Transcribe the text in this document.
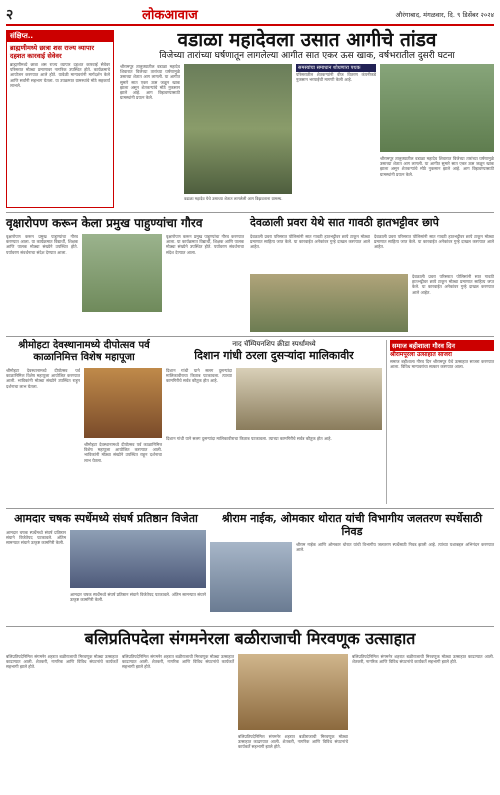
२	लोकआवाज	औरंगाबाद, मंगळवार, दि. ९ डिसेंबर २०२४
संक्षिप्त..
ब्राह्मणीमध्ये छात्रा शस राज्य व्यापार दहशत कारवाई सेवेवर
ब्राह्मणीमध्ये छात्रा शस राज्य व्यापार दहशत कारवाई सेवेवर परिसरात मोठ्या प्रमाणावर नागरिक उपस्थित होते. कार्यक्रमाचे आयोजन करण्यात आले होते. यावेळी मान्यवरांनी मार्गदर्शन केले आणि सर्वांनी सहभाग घेतला. या उपक्रमात ग्रामस्थांचे मोठे सहकार्य लाभले.
वडाळा महादेवला उसात आगीचे तांडव
विजेच्या तारांच्या घर्षणातून लागलेल्या आगीत सात एकर ऊस खाक, वर्षभरातील दुसरी घटना
श्रीरामपूर तालुक्यातील वडाळा महादेव शिवारात विजेच्या तारांच्या घर्षणामुळे उसाच्या शेतात आग लागली. या आगीत सुमारे सात एकर ऊस जळून खाक झाला असून शेतकऱ्यांचे मोठे नुकसान झाले आहे. आग विझवण्यासाठी ग्रामस्थांनी प्रयत्न केले.
वडाळा महादेव येथे उसाच्या शेतात लागलेली आग विझवताना ग्रामस्थ.
समस्यांचा समाधान शोधणारा पथक
परिसरातील शेतकऱ्यांनी वीज वितरण कंपनीकडे नुकसान भरपाईची मागणी केली आहे.
श्रीरामपूर तालुक्यातील वडाळा महादेव शिवारात विजेच्या तारांच्या घर्षणामुळे उसाच्या शेतात आग लागली. या आगीत सुमारे सात एकर ऊस जळून खाक झाला असून शेतकऱ्यांचे मोठे नुकसान झाले आहे. आग विझवण्यासाठी ग्रामस्थांनी प्रयत्न केले.
वृक्षारोपण करून केला प्रमुख पाहुण्यांचा गौरव
वृक्षारोपण करून प्रमुख पाहुण्यांचा गौरव करण्यात आला. या कार्यक्रमात विद्यार्थी, शिक्षक आणि पालक मोठ्या संख्येने उपस्थित होते. पर्यावरण संवर्धनाचा संदेश देण्यात आला.
वृक्षारोपण करून प्रमुख पाहुण्यांचा गौरव करण्यात आला. या कार्यक्रमात विद्यार्थी, शिक्षक आणि पालक मोठ्या संख्येने उपस्थित होते. पर्यावरण संवर्धनाचा संदेश देण्यात आला.
देवळाली प्रवरा येथे सात गावठी हातभट्टीवर छापे
देवळाली प्रवरा परिसरात पोलिसांनी सात गावठी हातभट्टीवर छापे टाकून मोठ्या प्रमाणात साहित्य जप्त केले. या कारवाईत अनेकांवर गुन्हे दाखल करण्यात आले आहेत.
देवळाली प्रवरा परिसरात पोलिसांनी सात गावठी हातभट्टीवर छापे टाकून मोठ्या प्रमाणात साहित्य जप्त केले. या कारवाईत अनेकांवर गुन्हे दाखल करण्यात आले आहेत.
देवळाली प्रवरा परिसरात पोलिसांनी सात गावठी हातभट्टीवर छापे टाकून मोठ्या प्रमाणात साहित्य जप्त केले. या कारवाईत अनेकांवर गुन्हे दाखल करण्यात आले आहेत.
श्रीमोहटा देवस्थानामध्ये दीपोत्सव पर्व काळानिमित्त विशेष महापूजा
श्रीमोहटा देवस्थानामध्ये दीपोत्सव पर्व काळानिमित्त विशेष महापूजा आयोजित करण्यात आली. भाविकांनी मोठ्या संख्येने उपस्थित राहून दर्शनाचा लाभ घेतला.
श्रीमोहटा देवस्थानामध्ये दीपोत्सव पर्व काळानिमित्त विशेष महापूजा आयोजित करण्यात आली. भाविकांनी मोठ्या संख्येने उपस्थित राहून दर्शनाचा लाभ घेतला.
नाद चॅम्पियनशिप क्रीडा स्पर्धांमध्ये
दिशान गांधी ठरला दुसऱ्यांदा मालिकावीर
दिशान गांधी याने सलग दुसऱ्यांदा मालिकावीराचा किताब पटकावला. त्याच्या कामगिरीचे सर्वत्र कौतुक होत आहे.
दिशान गांधी याने सलग दुसऱ्यांदा मालिकावीराचा किताब पटकावला. त्याच्या कामगिरीचे सर्वत्र कौतुक होत आहे.
समाज बहीशाला गौरव दिन
श्रीरामपूरला उत्साहात साजरा
समाज बहीशाला गौरव दिन श्रीरामपूर येथे उत्साहात साजरा करण्यात आला. विविध मान्यवरांचा सत्कार करण्यात आला.
आमदार चषक स्पर्धेमध्ये संघर्ष प्रतिष्ठान विजेता
आमदार चषक स्पर्धेमध्ये संघर्ष प्रतिष्ठान संघाने विजेतेपद पटकावले. अंतिम सामन्यात संघाने उत्कृष्ट कामगिरी केली.
आमदार चषक स्पर्धेमध्ये संघर्ष प्रतिष्ठान संघाने विजेतेपद पटकावले. अंतिम सामन्यात संघाने उत्कृष्ट कामगिरी केली.
श्रीराम नाईक, ओमकार थोरात यांची विभागीय जलतरण स्पर्धेसाठी निवड
श्रीराम नाईक आणि ओमकार थोरात यांची विभागीय जलतरण स्पर्धेसाठी निवड झाली आहे. त्यांच्या यशाबद्दल अभिनंदन करण्यात आले.
बलिप्रतिपदेला संगमनेरला बळीराजाची मिरवणूक उत्साहात
बलिप्रतिपदेनिमित्त संगमनेर शहरात बळीराजाची मिरवणूक मोठ्या उत्साहात काढण्यात आली. शेतकरी, नागरिक आणि विविध संघटनांचे कार्यकर्ते सहभागी झाले होते.
बलिप्रतिपदेनिमित्त संगमनेर शहरात बळीराजाची मिरवणूक मोठ्या उत्साहात काढण्यात आली. शेतकरी, नागरिक आणि विविध संघटनांचे कार्यकर्ते सहभागी झाले होते.
बलिप्रतिपदेनिमित्त संगमनेर शहरात बळीराजाची मिरवणूक मोठ्या उत्साहात काढण्यात आली. शेतकरी, नागरिक आणि विविध संघटनांचे कार्यकर्ते सहभागी झाले होते.
बलिप्रतिपदेनिमित्त संगमनेर शहरात बळीराजाची मिरवणूक मोठ्या उत्साहात काढण्यात आली. शेतकरी, नागरिक आणि विविध संघटनांचे कार्यकर्ते सहभागी झाले होते.
